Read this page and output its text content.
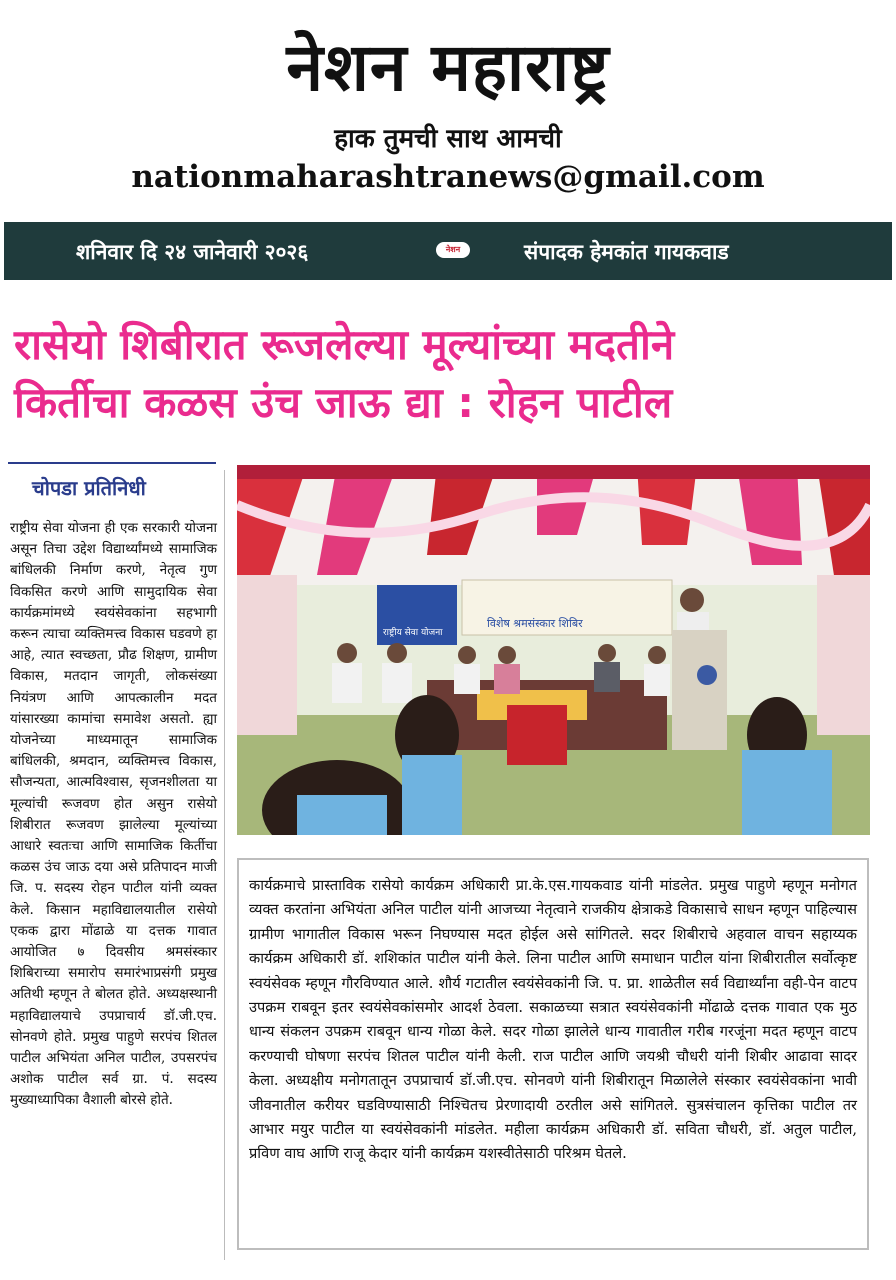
नेशन महाराष्ट्र
हाक तुमची साथ आमची
nationmaharashtranews@gmail.com
शनिवार दि २४ जानेवारी २०२६	नेशन	संपादक हेमकांत गायकवाड
रासेयो शिबीरात रूजलेल्या मूल्यांच्या मदतीने
किर्तीचा कळस उंच जाऊ द्या : रोहन पाटील
चोपडा प्रतिनिधी
राष्ट्रीय सेवा योजना ही एक सरकारी योजना असून तिचा उद्देश विद्यार्थ्यांमध्ये सामाजिक बांधिलकी निर्माण करणे, नेतृत्व गुण विकसित करणे आणि सामुदायिक सेवा कार्यक्रमांमध्ये स्वयंसेवकांना सहभागी करून त्याचा व्यक्तिमत्त्व विकास घडवणे हा आहे, त्यात स्वच्छता, प्रौढ शिक्षण, ग्रामीण विकास, मतदान जागृती, लोकसंख्या नियंत्रण आणि आपत्कालीन मदत यांसारख्या कामांचा समावेश असतो. ह्या योजनेच्या माध्यमातून सामाजिक बांधिलकी, श्रमदान, व्यक्तिमत्त्व विकास, सौजन्यता, आत्मविश्वास, सृजनशीलता या मूल्यांची रूजवण होत असुन रासेयो शिबीरात रूजवण झालेल्या मूल्यांच्या आधारे स्वतःचा आणि सामाजिक किर्तीचा कळस उंच जाऊ दया असे प्रतिपादन माजी जि. प. सदस्य रोहन पाटील यांनी व्यक्त केले. किसान महाविद्यालयातील रासेयो एकक द्वारा मोंढाळे या दत्तक गावात आयोजित ७ दिवसीय श्रमसंस्कार शिबिराच्या समारोप समारंभाप्रसंगी प्रमुख अतिथी म्हणून ते बोलत होते. अध्यक्षस्थानी महाविद्यालयाचे उपप्राचार्य डॉ.जी.एच. सोनवणे होते. प्रमुख पाहुणे सरपंच शितल पाटील अभियंता अनिल पाटील, उपसरपंच अशोक पाटील सर्व ग्रा. पं. सदस्य मुख्याध्यापिका वैशाली बोरसे होते.
राष्ट्रीय सेवा योजना
विशेष श्रमसंस्कार शिबिर
कार्यक्रमाचे प्रास्ताविक रासेयो कार्यक्रम अधिकारी प्रा.के.एस.गायकवाड यांनी मांडलेत. प्रमुख पाहुणे म्हणून मनोगत व्यक्त करतांना अभियंता अनिल पाटील यांनी आजच्या नेतृत्वाने राजकीय क्षेत्राकडे विकासाचे साधन म्हणून पाहिल्यास ग्रामीण भागातील विकास भरून निघण्यास मदत होईल असे सांगितले. सदर शिबीराचे अहवाल वाचन सहाय्यक कार्यक्रम अधिकारी डॉ. शशिकांत पाटील यांनी केले. लिना पाटील आणि समाधान पाटील यांना शिबीरातील सर्वोत्कृष्ट स्वयंसेवक म्हणून गौरविण्यात आले. शौर्य गटातील स्वयंसेवकांनी जि. प. प्रा. शाळेतील सर्व विद्यार्थ्यांना वही-पेन वाटप उपक्रम राबवून इतर स्वयंसेवकांसमोर आदर्श ठेवला. सकाळच्या सत्रात स्वयंसेवकांनी मोंढाळे दत्तक गावात एक मुठ धान्य संकलन उपक्रम राबवून धान्य गोळा केले. सदर गोळा झालेले धान्य गावातील गरीब गरजूंना मदत म्हणून वाटप करण्याची घोषणा सरपंच शितल पाटील यांनी केली. राज पाटील आणि जयश्री चौधरी यांनी शिबीर आढावा सादर केला. अध्यक्षीय मनोगतातून उपप्राचार्य डॉ.जी.एच. सोनवणे यांनी शिबीरातून मिळालेले संस्कार स्वयंसेवकांना भावी जीवनातील करीयर घडविण्यासाठी निश्चितच प्रेरणादायी ठरतील असे सांगितले. सुत्रसंचालन कृत्तिका पाटील तर आभार मयुर पाटील या स्वयंसेवकांनी मांडलेत. महीला कार्यक्रम अधिकारी डॉ. सविता चौधरी, डॉ. अतुल पाटील, प्रविण वाघ आणि राजू केदार यांनी कार्यक्रम यशस्वीतेसाठी परिश्रम घेतले.
